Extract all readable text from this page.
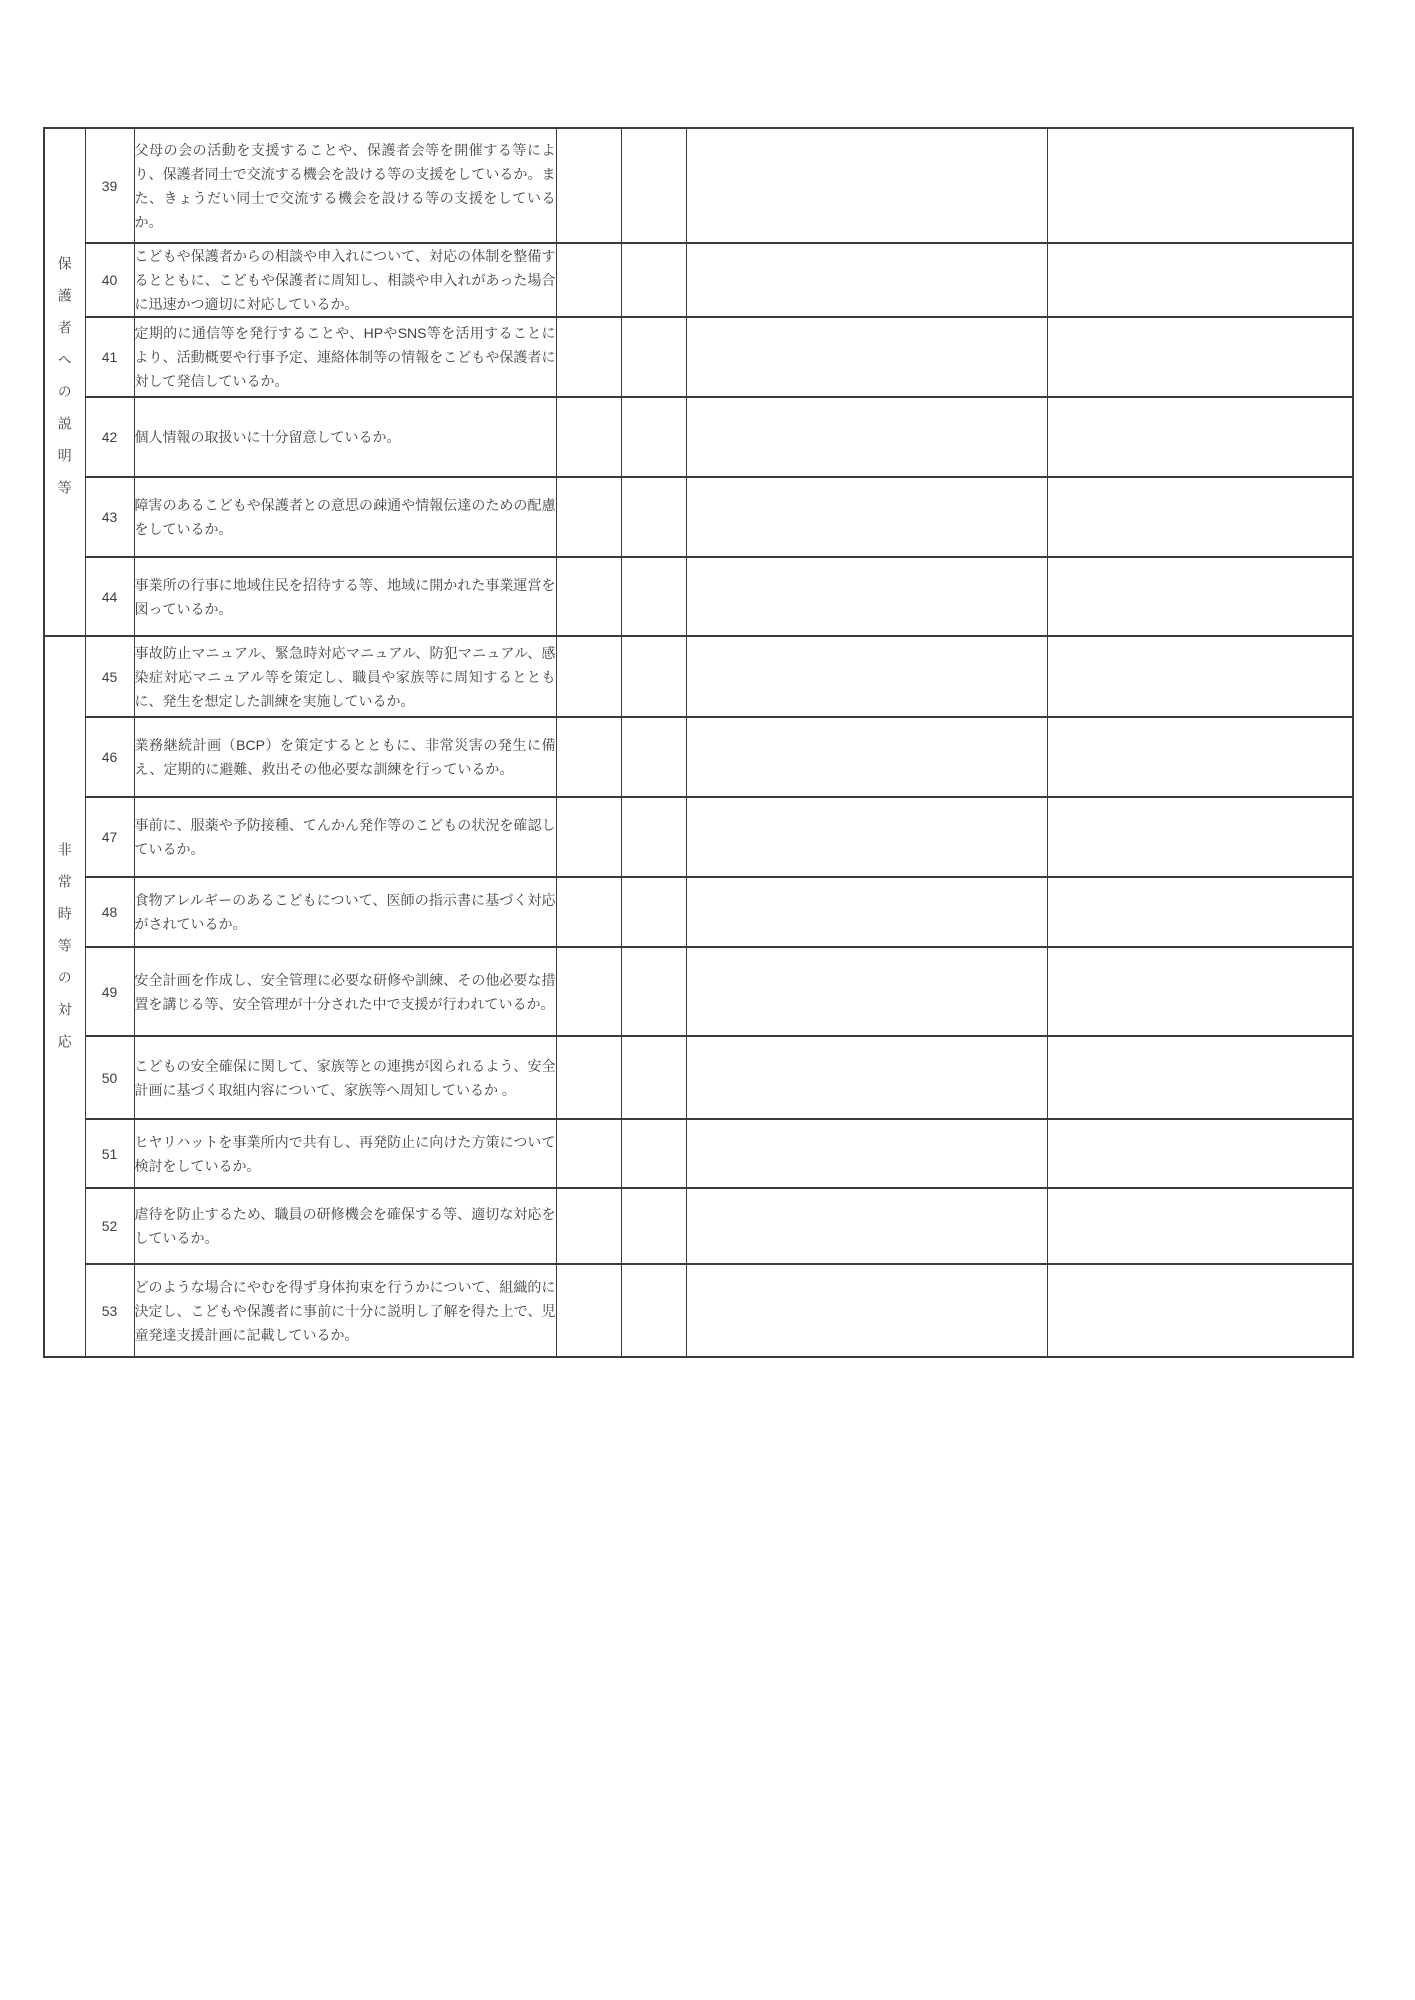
保護者への説明等	39	父母の会の活動を支援することや、保護者会等を開催する等により、保護者同士で交流する機会を設ける等の支援をしているか。また、きょうだい同士で交流する機会を設ける等の支援をしているか。				
	40	こどもや保護者からの相談や申入れについて、対応の体制を整備するとともに、こどもや保護者に周知し、相談や申入れがあった場合に迅速かつ適切に対応しているか。				
	41	定期的に通信等を発行することや、HPやSNS等を活用することにより、活動概要や行事予定、連絡体制等の情報をこどもや保護者に対して発信しているか。				
	42	個人情報の取扱いに十分留意しているか。				
	43	障害のあるこどもや保護者との意思の疎通や情報伝達のための配慮をしているか。				
	44	事業所の行事に地域住民を招待する等、地域に開かれた事業運営を図っているか。				
非常時等の対応	45	事故防止マニュアル、緊急時対応マニュアル、防犯マニュアル、感染症対応マニュアル等を策定し、職員や家族等に周知するとともに、発生を想定した訓練を実施しているか。				
	46	業務継続計画（BCP）を策定するとともに、非常災害の発生に備え、定期的に避難、救出その他必要な訓練を行っているか。				
	47	事前に、服薬や予防接種、てんかん発作等のこどもの状況を確認しているか。				
	48	食物アレルギーのあるこどもについて、医師の指示書に基づく対応がされているか。				
	49	安全計画を作成し、安全管理に必要な研修や訓練、その他必要な措置を講じる等、安全管理が十分された中で支援が行われているか。				
	50	こどもの安全確保に関して、家族等との連携が図られるよう、安全計画に基づく取組内容について、家族等へ周知しているか 。				
	51	ヒヤリハットを事業所内で共有し、再発防止に向けた方策について検討をしているか。				
	52	虐待を防止するため、職員の研修機会を確保する等、適切な対応をしているか。				
	53	どのような場合にやむを得ず身体拘束を行うかについて、組織的に決定し、こどもや保護者に事前に十分に説明し了解を得た上で、児童発達支援計画に記載しているか。				
